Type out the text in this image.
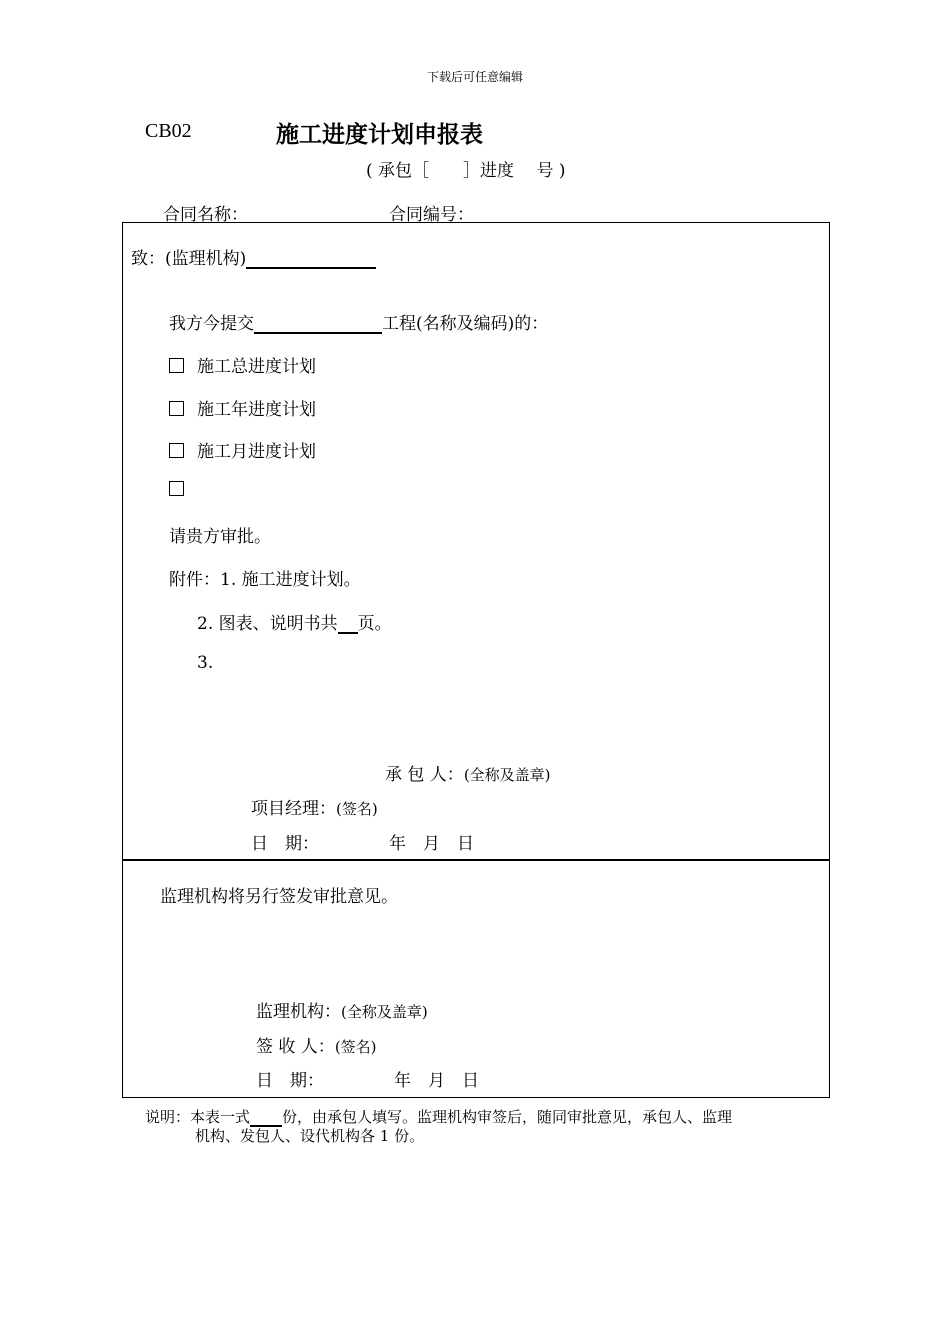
下载后可任意编辑
CB02	施工进度计划申报表
( 承包［　　］进度　 号 )
合同名称：	合同编号：
致：(监理机构)
我方今提交	工程(名称及编码)的：
施工总进度计划
施工年进度计划
施工月进度计划
请贵方审批。
附件：1. 施工进度计划。
2. 图表、说明书共 页。
3.
承 包 人：(全称及盖章)
项目经理：(签名)
日　期：	年　月　日
监理机构将另行签发审批意见。
监理机构：(全称及盖章)
签 收 人：(签名)
日　期：	年　月　日
说明：本表一式 份，由承包人填写。监理机构审签后，随同审批意见，承包人、监理
机构、发包人、设代机构各 1 份。
